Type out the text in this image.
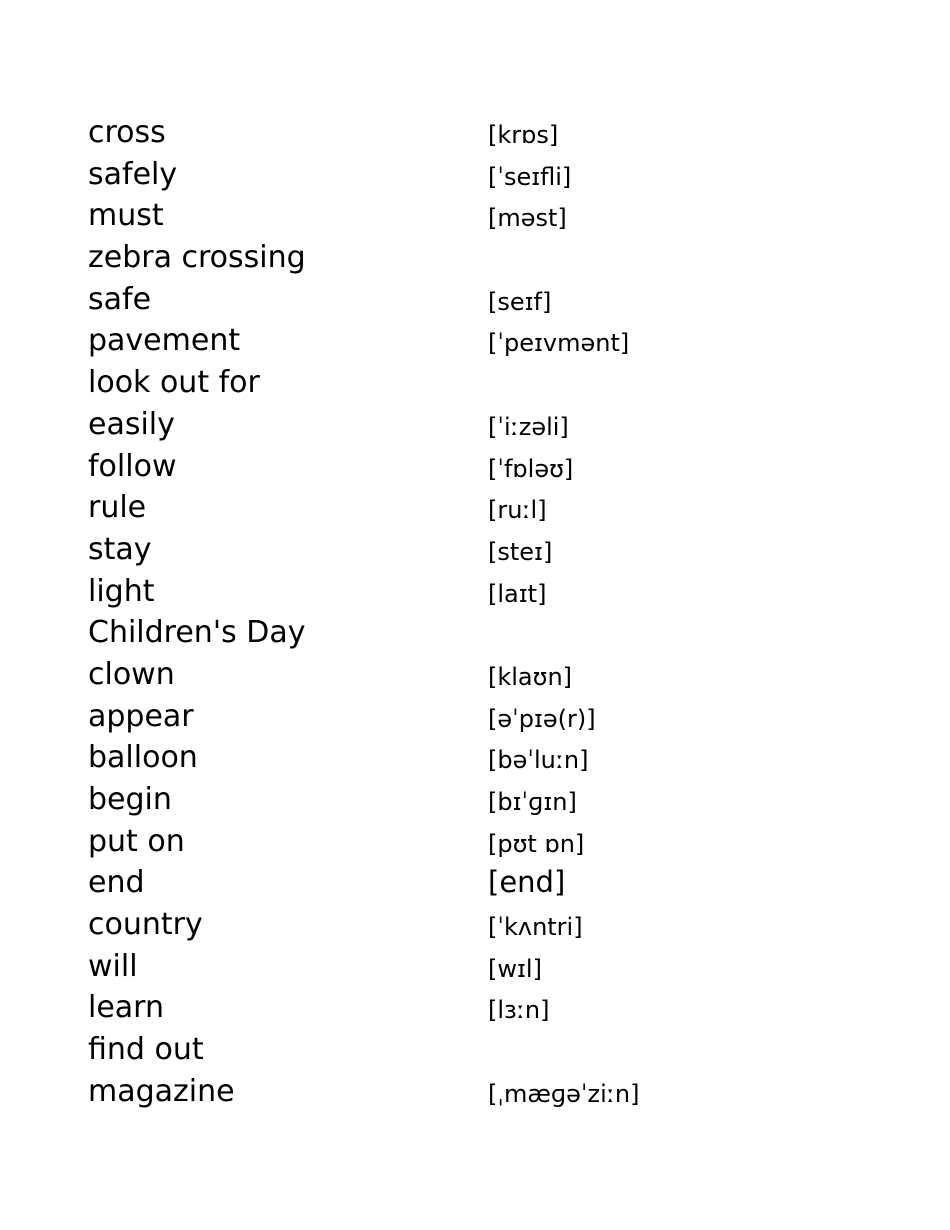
cross	[krɒs]
safely	[ˈseɪfli]
must	[məst]
zebra crossing
safe	[seɪf]
pavement	[ˈpeɪvmənt]
look out for
easily	[ˈiːzəli]
follow	[ˈfɒləʊ]
rule	[ruːl]
stay	[steɪ]
light	[laɪt]
Children's Day
clown	[klaʊn]
appear	[əˈpɪə(r)]
balloon	[bəˈluːn]
begin	[bɪˈɡɪn]
put on	[pʊt ɒn]
end	[end]
country	[ˈkʌntri]
will	[wɪl]
learn	[lɜːn]
find out
magazine	[ˌmæɡəˈziːn]
